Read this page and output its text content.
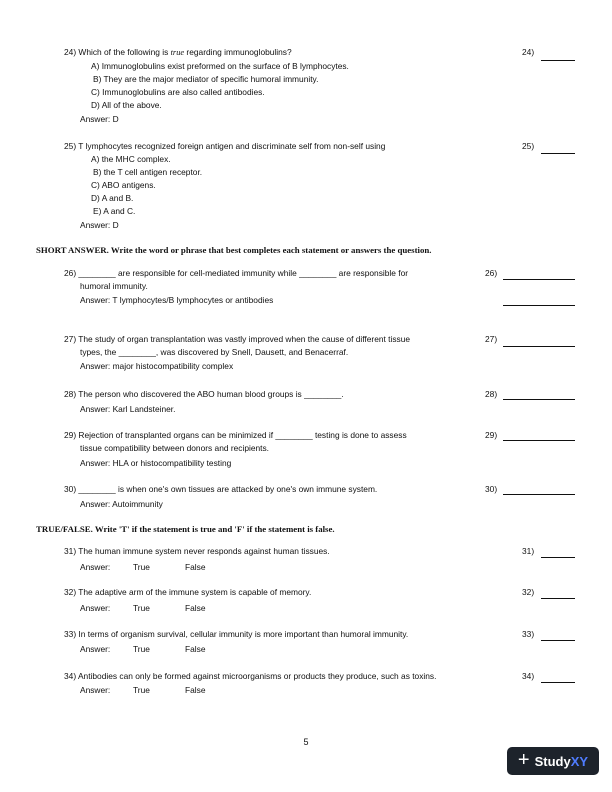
24) Which of the following is true regarding immunoglobulins?	24)
A) Immunoglobulins exist preformed on the surface of B lymphocytes.
B) They are the major mediator of specific humoral immunity.
C) Immunoglobulins are also called antibodies.
D) All of the above.
Answer: D
25) T lymphocytes recognized foreign antigen and discriminate self from non-self using	25)
A) the MHC complex.
B) the T cell antigen receptor.
C) ABO antigens.
D) A and B.
E) A and C.
Answer: D
SHORT ANSWER. Write the word or phrase that best completes each statement or answers the question.
26) ________ are responsible for cell-mediated immunity while ________ are responsible for
humoral immunity.
26)
Answer: T lymphocytes/B lymphocytes or antibodies
27) The study of organ transplantation was vastly improved when the cause of different tissue
types, the ________, was discovered by Snell, Dausett, and Benacerraf.
27)
Answer: major histocompatibility complex
28) The person who discovered the ABO human blood groups is ________.	28)
Answer: Karl Landsteiner.
29) Rejection of transplanted organs can be minimized if ________ testing is done to assess
tissue compatibility between donors and recipients.
29)
Answer: HLA or histocompatibility testing
30) ________ is when one's own tissues are attacked by one's own immune system.	30)
Answer: Autoimmunity
TRUE/FALSE. Write 'T' if the statement is true and 'F' if the statement is false.
31) The human immune system never responds against human tissues.	31)
Answer:	True	False
32) The adaptive arm of the immune system is capable of memory.	32)
Answer:	True	False
33) In terms of organism survival, cellular immunity is more important than humoral immunity.	33)
Answer:	True	False
34) Antibodies can only be formed against microorganisms or products they produce, such as toxins.	34)
Answer:	True	False
5
+ Study XY
